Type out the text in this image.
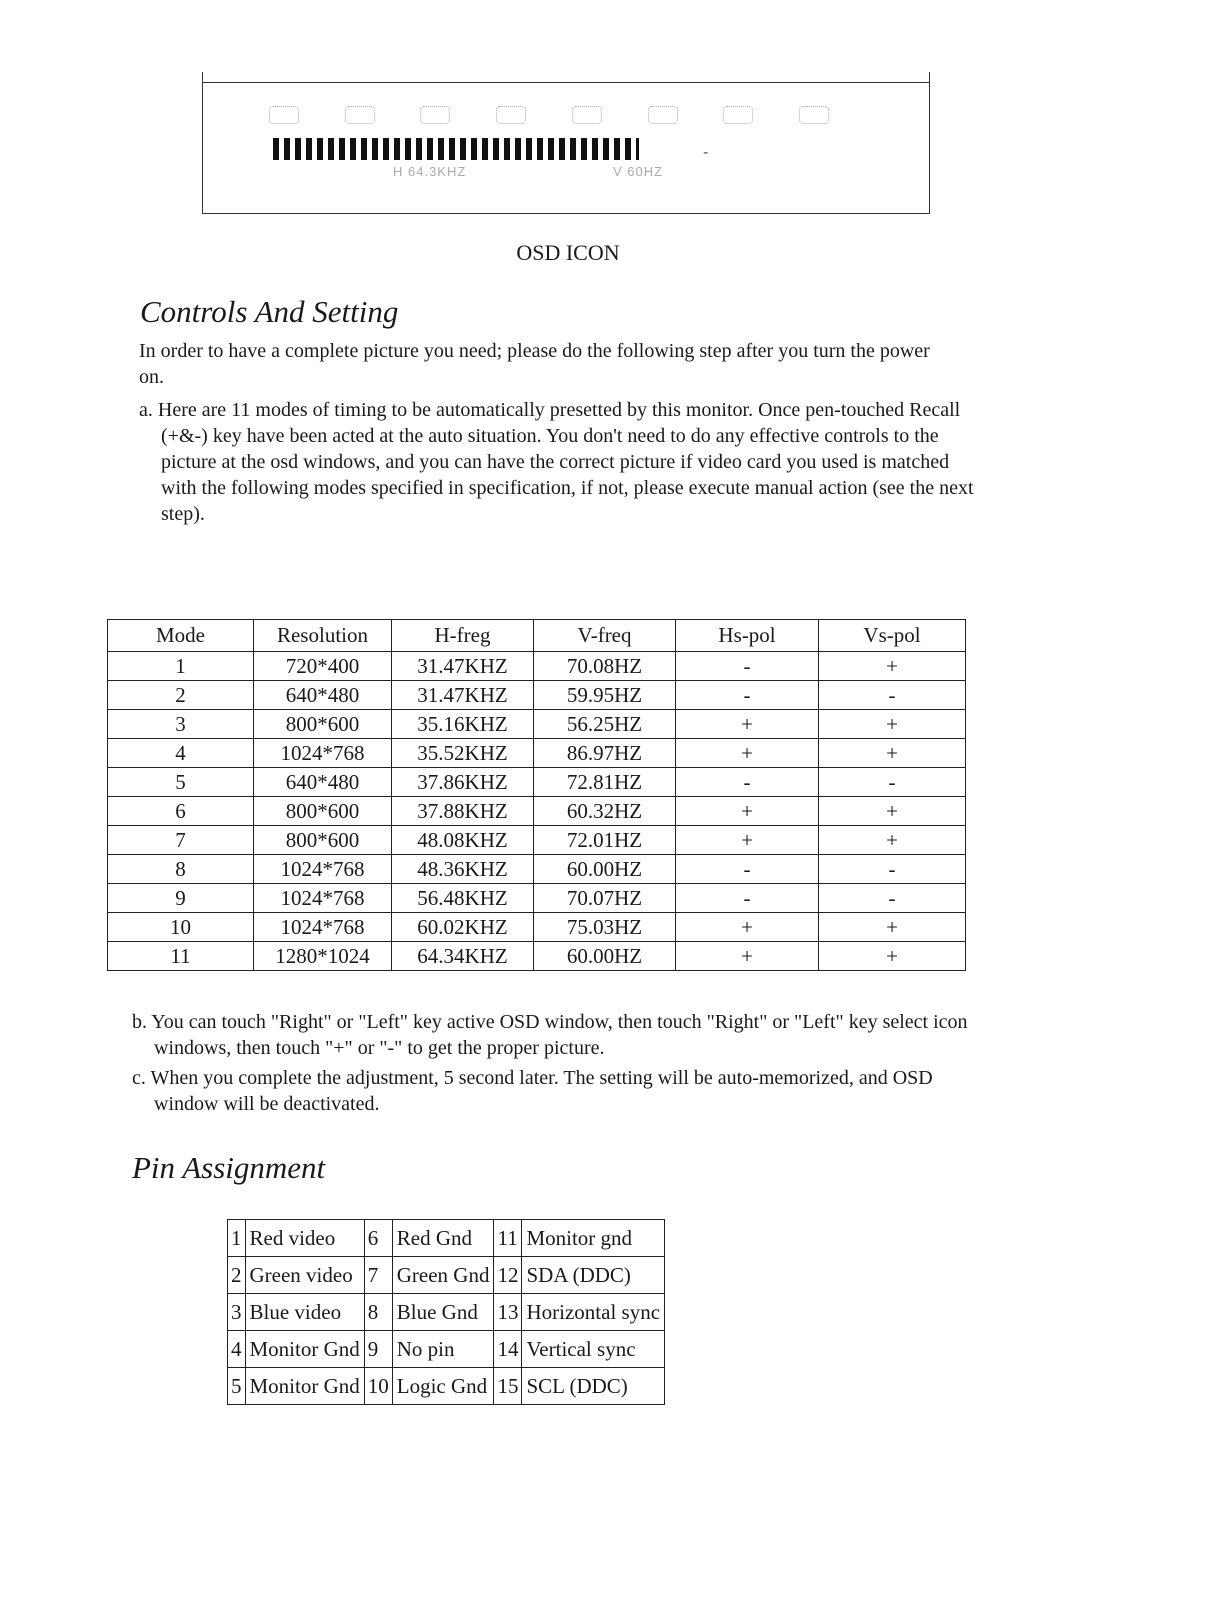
-
H 64.3KHZ	V 60HZ
OSD ICON
Controls And Setting
In order to have a complete picture you need; please do the following step after you turn the power on.
a. Here are 11 modes of timing to be automatically presetted by this monitor. Once pen-touched Recall (+&-) key have been acted at the auto situation. You don't need to do any effective controls to the picture at the osd windows, and you can have the correct picture if video card you used is matched with the following modes specified in specification, if not, please execute manual action (see the next step).
Mode	Resolution	H-freg	V-freq	Hs-pol	Vs-pol
1	720*400	31.47KHZ	70.08HZ	-	+
2	640*480	31.47KHZ	59.95HZ	-	-
3	800*600	35.16KHZ	56.25HZ	+	+
4	1024*768	35.52KHZ	86.97HZ	+	+
5	640*480	37.86KHZ	72.81HZ	-	-
6	800*600	37.88KHZ	60.32HZ	+	+
7	800*600	48.08KHZ	72.01HZ	+	+
8	1024*768	48.36KHZ	60.00HZ	-	-
9	1024*768	56.48KHZ	70.07HZ	-	-
10	1024*768	60.02KHZ	75.03HZ	+	+
11	1280*1024	64.34KHZ	60.00HZ	+	+
b. You can touch "Right" or "Left" key active OSD window, then touch "Right" or "Left" key select icon windows, then touch "+" or "-" to get the proper picture.
c. When you complete the adjustment, 5 second later. The setting will be auto-memorized, and OSD window will be deactivated.
Pin Assignment
1	Red video	6	Red Gnd	11	Monitor gnd
2	Green video	7	Green Gnd	12	SDA (DDC)
3	Blue video	8	Blue Gnd	13	Horizontal sync
4	Monitor Gnd	9	No pin	14	Vertical sync
5	Monitor Gnd	10	Logic Gnd	15	SCL (DDC)
